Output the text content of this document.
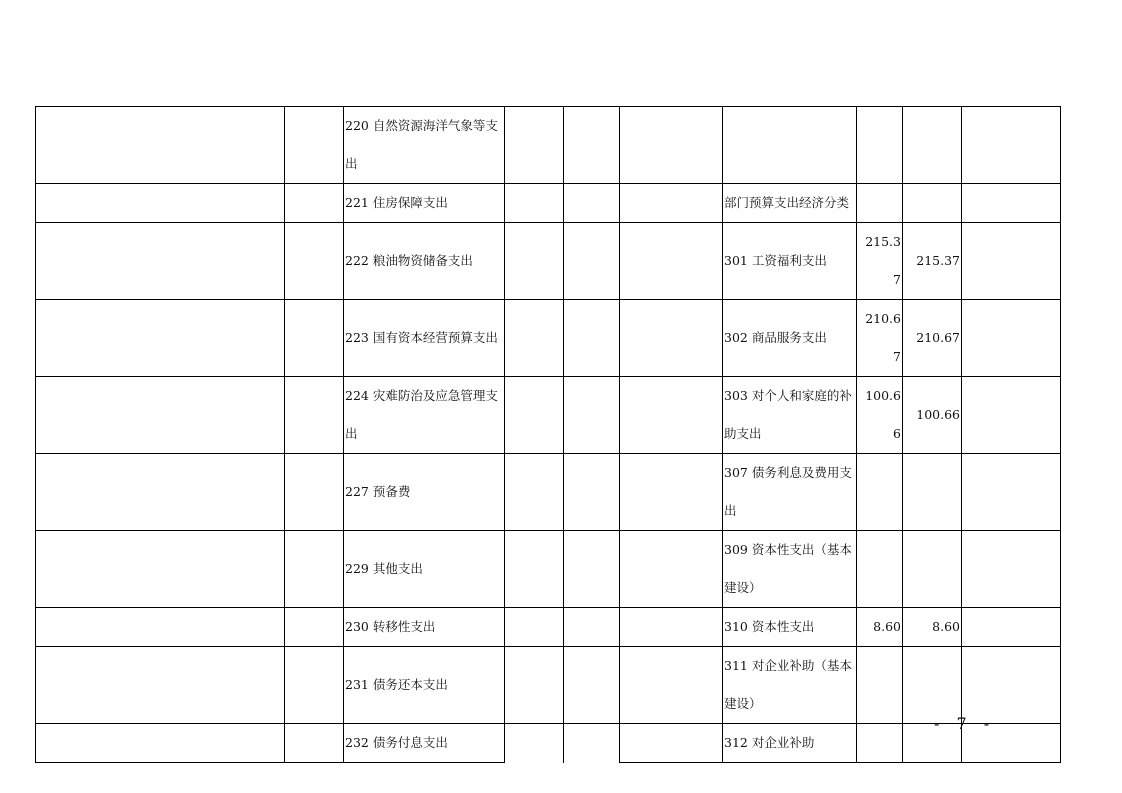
		220 自然资源海洋气象等支出							
		221 住房保障支出				部门预算支出经济分类			
		222 粮油物资储备支出				301 工资福利支出	215.37	215.37	
		223 国有资本经营预算支出				302 商品服务支出	210.67	210.67	
		224 灾难防治及应急管理支出				303 对个人和家庭的补助支出	100.66	100.66	
		227 预备费				307 债务利息及费用支出			
		229 其他支出				309 资本性支出（基本建设）			
		230 转移性支出				310 资本性支出	8.60	8.60	
		231 债务还本支出				311 对企业补助（基本建设）			
		232 债务付息支出				312 对企业补助			
- 7 -
